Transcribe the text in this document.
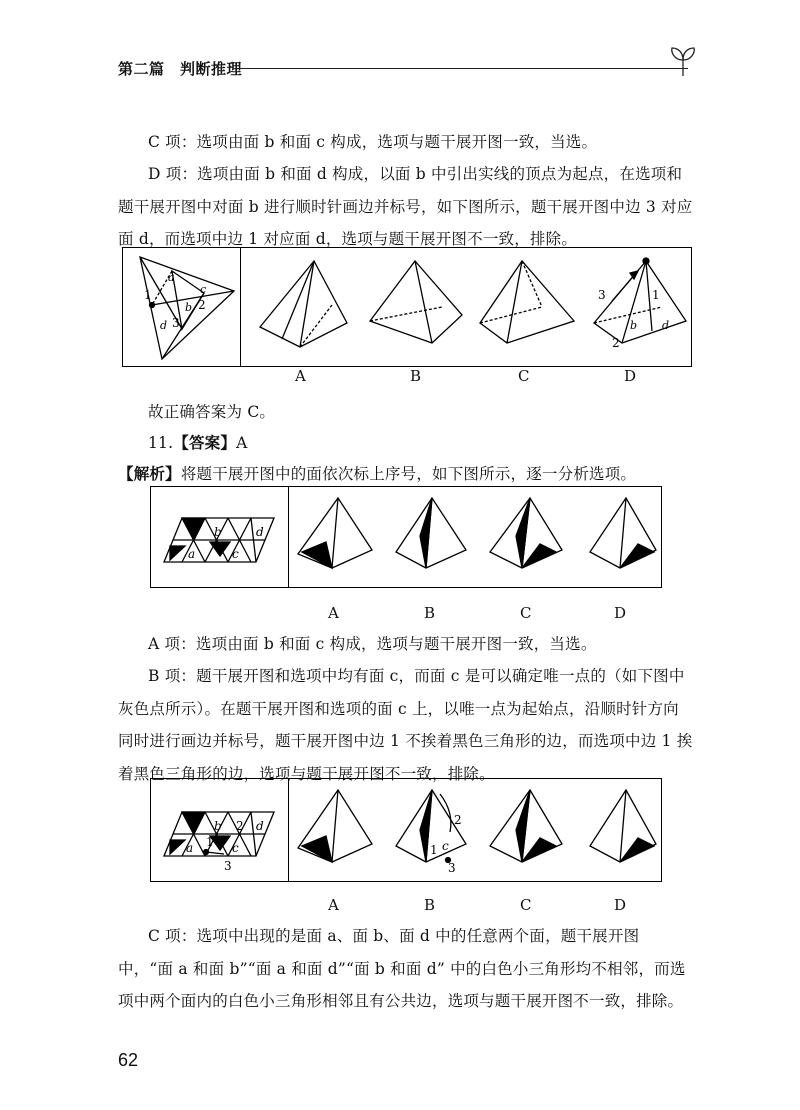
第二篇　判断推理

C 项：选项由面 b 和面 c 构成，选项与题干展开图一致，当选。

D 项：选项由面 b 和面 d 构成，以面 b 中引出实线的顶点为起点，在选项和题干展开图中对面 b 进行顺时针画边并标号，如下图所示，题干展开图中边 3 对应面 d，而选项中边 1 对应面 d，选项与题干展开图不一致，排除。

a
c
b
d
1
2
3
3	1
2
b d
A	B	C	D

故正确答案为 C。

11.【答案】A

【解析】将题干展开图中的面依次标上序号，如下图所示，逐一分析选项。

b	d
a	c
A	B	C	D

A 项：选项由面 b 和面 c 构成，选项与题干展开图一致，当选。

B 项：题干展开图和选项中均有面 c，而面 c 是可以确定唯一点的（如下图中灰色点所示）。在题干展开图和选项的面 c 上，以唯一点为起始点，沿顺时针方向同时进行画边并标号，题干展开图中边 1 不挨着黑色三角形的边，而选项中边 1 挨着黑色三角形的边，选项与题干展开图不一致，排除。

b 2 d
a 1 c
3
2
1 c
3
A	B	C	D

C 项：选项中出现的是面 a、面 b、面 d 中的任意两个面，题干展开图中，“面 a 和面 b”“面 a 和面 d”“面 b 和面 d” 中的白色小三角形均不相邻，而选项中两个面内的白色小三角形相邻且有公共边，选项与题干展开图不一致，排除。

62
